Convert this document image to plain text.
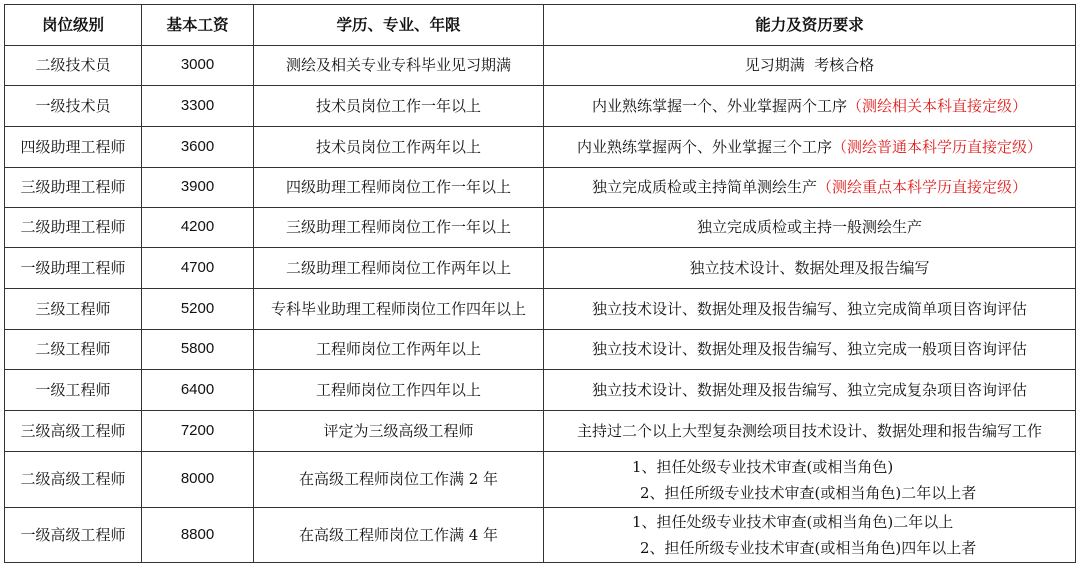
岗位级别	基本工资	学历、专业、年限	能力及资历要求
二级技术员	3000	测绘及相关专业专科毕业见习期满	见习期满  考核合格
一级技术员	3300	技术员岗位工作一年以上	内业熟练掌握一个、外业掌握两个工序（测绘相关本科直接定级）
四级助理工程师	3600	技术员岗位工作两年以上	内业熟练掌握两个、外业掌握三个工序（测绘普通本科学历直接定级）
三级助理工程师	3900	四级助理工程师岗位工作一年以上	独立完成质检或主持简单测绘生产（测绘重点本科学历直接定级）
二级助理工程师	4200	三级助理工程师岗位工作一年以上	独立完成质检或主持一般测绘生产
一级助理工程师	4700	二级助理工程师岗位工作两年以上	独立技术设计、数据处理及报告编写
三级工程师	5200	专科毕业助理工程师岗位工作四年以上	独立技术设计、数据处理及报告编写、独立完成简单项目咨询评估
二级工程师	5800	工程师岗位工作两年以上	独立技术设计、数据处理及报告编写、独立完成一般项目咨询评估
一级工程师	6400	工程师岗位工作四年以上	独立技术设计、数据处理及报告编写、独立完成复杂项目咨询评估
三级高级工程师	7200	评定为三级高级工程师	主持过二个以上大型复杂测绘项目技术设计、数据处理和报告编写工作
二级高级工程师	8000	在高级工程师岗位工作满 2 年	1、担任处级专业技术审查(或相当角色)
2、担任所级专业技术审查(或相当角色)二年以上者

一级高级工程师	8800	在高级工程师岗位工作满 4 年	1、担任处级专业技术审查(或相当角色)二年以上
2、担任所级专业技术审查(或相当角色)四年以上者
